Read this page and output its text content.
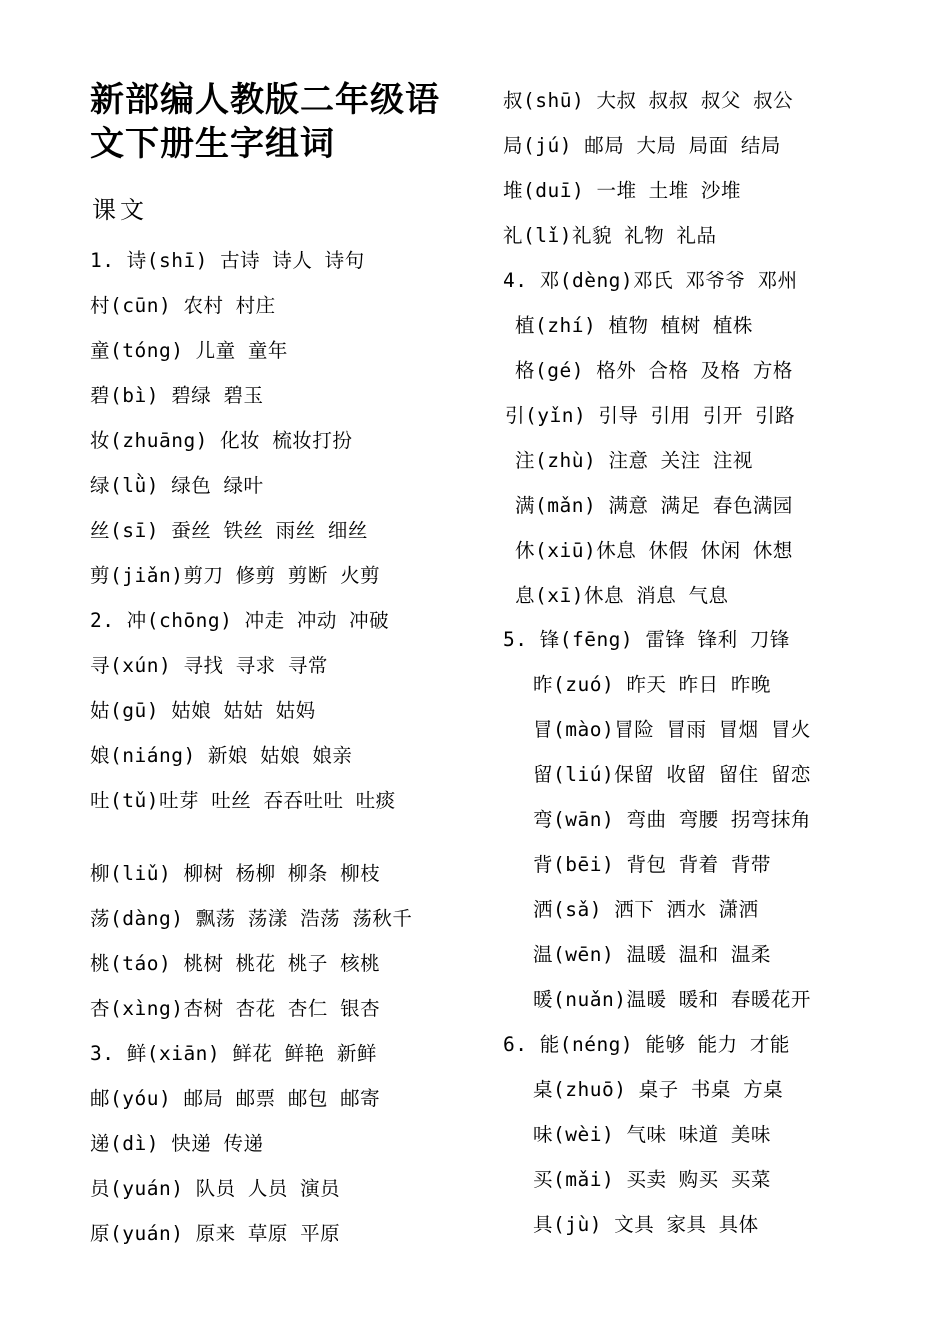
新部编人教版二年级语文下册生字组词
课文
1. 诗(shī) 古诗 诗人 诗句
村(cūn) 农村 村庄
童(tóng) 儿童 童年
碧(bì) 碧绿 碧玉
妆(zhuāng) 化妆 梳妆打扮
绿(lǜ) 绿色 绿叶
丝(sī) 蚕丝 铁丝 雨丝 细丝
剪(jiǎn)剪刀 修剪 剪断 火剪
2. 冲(chōng) 冲走 冲动 冲破
寻(xún) 寻找 寻求 寻常
姑(gū) 姑娘 姑姑 姑妈
娘(niáng) 新娘 姑娘 娘亲
吐(tǔ)吐芽 吐丝 吞吞吐吐 吐痰
柳(liǔ) 柳树 杨柳 柳条 柳枝
荡(dàng) 飘荡 荡漾 浩荡 荡秋千
桃(táo) 桃树 桃花 桃子 核桃
杏(xìng)杏树 杏花 杏仁 银杏
3. 鲜(xiān) 鲜花 鲜艳 新鲜
邮(yóu) 邮局 邮票 邮包 邮寄
递(dì) 快递 传递
员(yuán) 队员 人员 演员
原(yuán) 原来 草原 平原
叔(shū) 大叔 叔叔 叔父 叔公
局(jú) 邮局 大局 局面 结局
堆(duī) 一堆 土堆 沙堆
礼(lǐ)礼貌 礼物 礼品
4. 邓(dèng)邓氏 邓爷爷 邓州
植(zhí) 植物 植树 植株
格(gé) 格外 合格 及格 方格
引(yǐn) 引导 引用 引开 引路
注(zhù) 注意 关注 注视
满(mǎn) 满意 满足 春色满园
休(xiū)休息 休假 休闲 休想
息(xī)休息 消息 气息
5. 锋(fēng) 雷锋 锋利 刀锋
昨(zuó) 昨天 昨日 昨晚
冒(mào)冒险 冒雨 冒烟 冒火
留(liú)保留 收留 留住 留恋
弯(wān) 弯曲 弯腰 拐弯抹角
背(bēi) 背包 背着 背带
洒(sǎ) 洒下 洒水 潇洒
温(wēn) 温暖 温和 温柔
暖(nuǎn)温暖 暖和 春暖花开
6. 能(néng) 能够 能力 才能
桌(zhuō) 桌子 书桌 方桌
味(wèi) 气味 味道 美味
买(mǎi) 买卖 购买 买菜
具(jù) 文具 家具 具体
